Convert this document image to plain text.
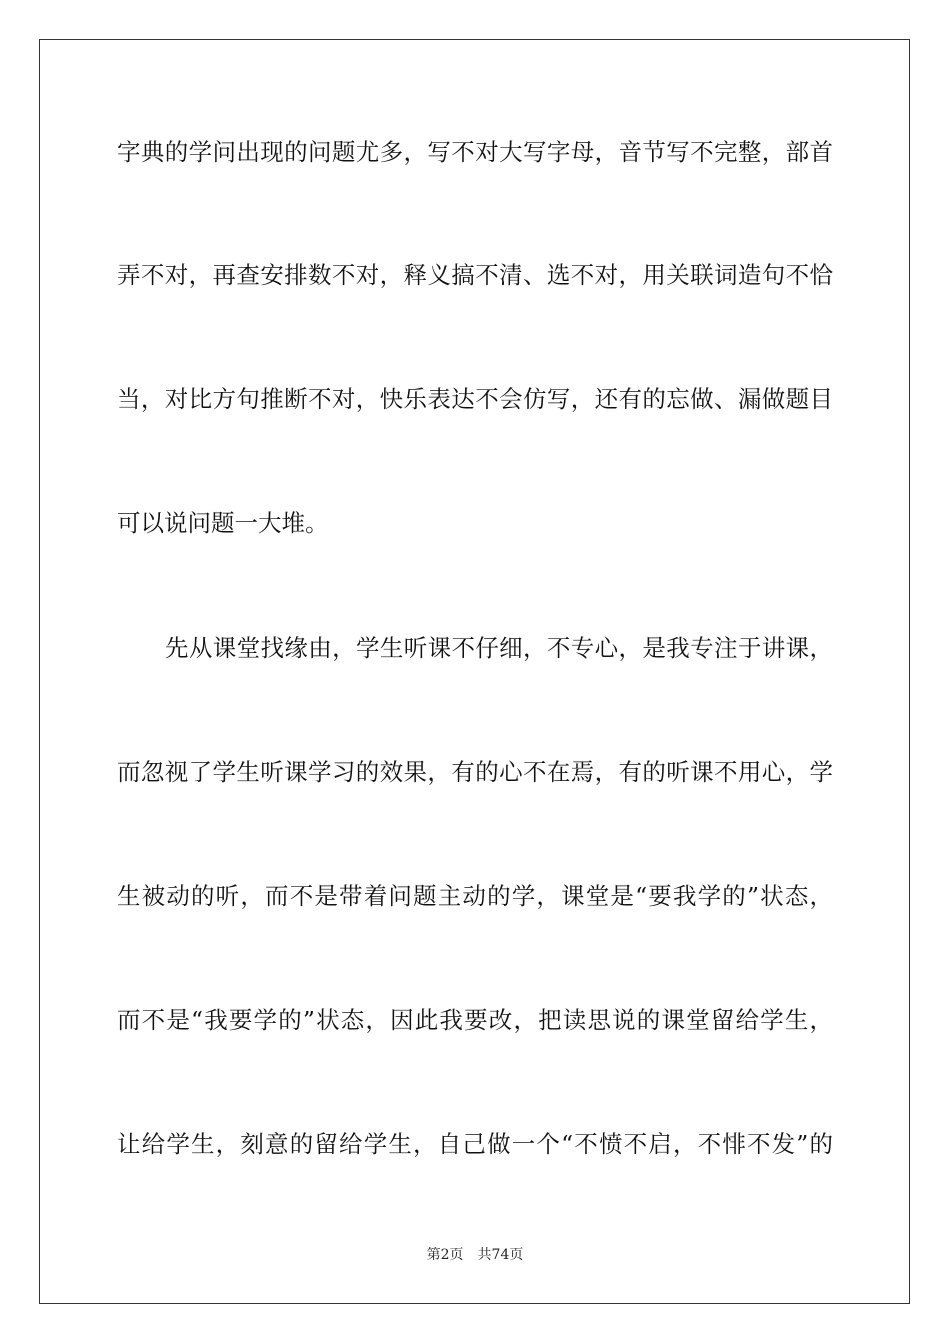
字典的学问出现的问题尤多，写不对大写字母，音节写不完整，部首
弄不对，再查安排数不对，释义搞不清、选不对，用关联词造句不恰
当，对比方句推断不对，快乐表达不会仿写，还有的忘做、漏做题目
可以说问题一大堆。
先从课堂找缘由，学生听课不仔细，不专心，是我专注于讲课，
而忽视了学生听课学习的效果，有的心不在焉，有的听课不用心，学
生被动的听，而不是带着问题主动的学，课堂是“要我学的”状态，
而不是“我要学的”状态，因此我要改，把读思说的课堂留给学生，
让给学生，刻意的留给学生，自己做一个“不愤不启，不悱不发”的
第2页 共74页
